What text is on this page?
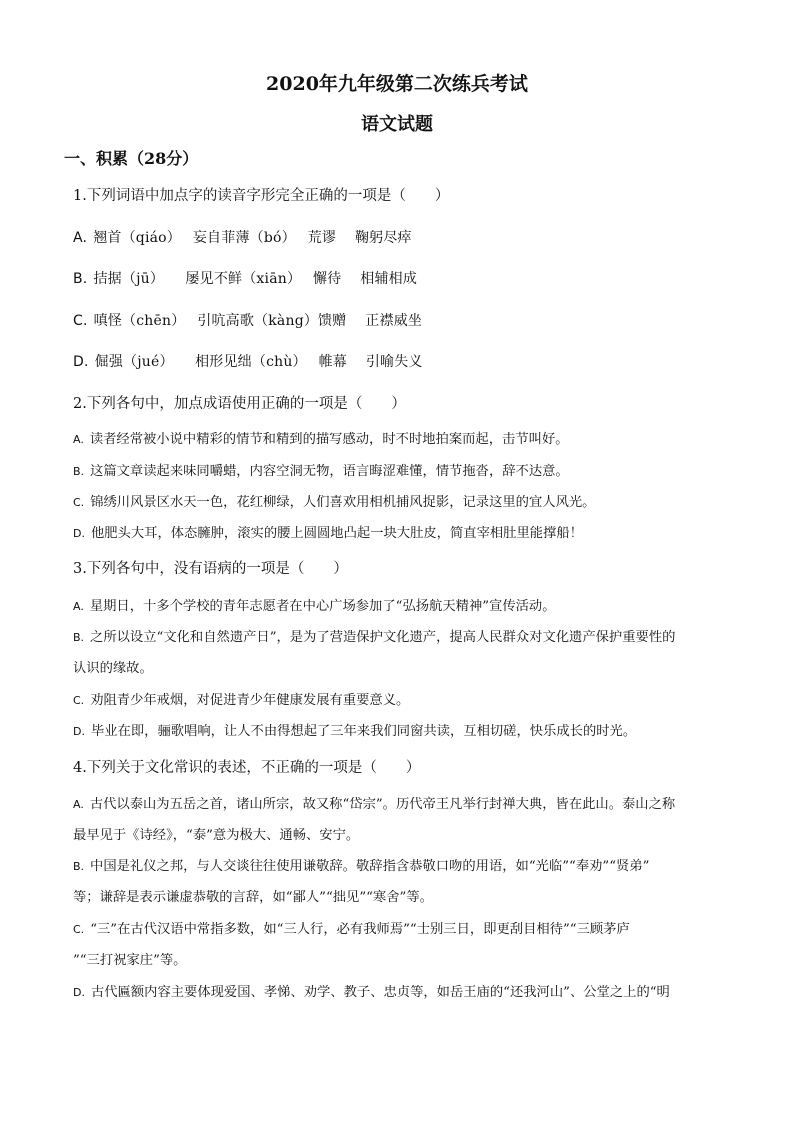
2020年九年级第二次练兵考试
语文试题
一、积累（28分）
1.下列词语中加点字的读音字形完全正确的一项是（　　）
A. 翘首（qiáo）　 妄自菲薄（bó）　 荒谬　 鞠躬尽瘁
B. 拮据（jū）　　屡见不鲜（xiān）　 懈待　 相辅相成
C. 嗔怪（chēn）　 引吭高歌（kàng）馈赠　 正襟威坐
D. 倔强（jué）　　相形见绌（chù）　 帷幕　 引喻失义
2.下列各句中，加点成语使用正确的一项是（　　）
A. 读者经常被小说中精彩的情节和精到的描写感动，时不时地拍案而起，击节叫好。
B. 这篇文章读起来味同嚼蜡，内容空洞无物，语言晦涩难懂，情节拖沓，辞不达意。
C. 锦绣川风景区水天一色，花红柳绿，人们喜欢用相机捕风捉影，记录这里的宜人风光。
D. 他肥头大耳，体态臃肿，滚实的腰上圆圆地凸起一块大肚皮，简直宰相肚里能撑船！
3.下列各句中，没有语病的一项是（　　）
A. 星期日，十多个学校的青年志愿者在中心广场参加了“弘扬航天精神”宣传活动。
B. 之所以设立“文化和自然遗产日”，是为了营造保护文化遗产，提高人民群众对文化遗产保护重要性的
认识的缘故。
C. 劝阻青少年戒烟，对促进青少年健康发展有重要意义。
D. 毕业在即，骊歌唱响，让人不由得想起了三年来我们同窗共读，互相切磋，快乐成长的时光。
4.下列关于文化常识的表述，不正确的一项是（　　）
A. 古代以泰山为五岳之首，诸山所宗，故又称“岱宗”。历代帝王凡举行封禅大典，皆在此山。泰山之称
最早见于《诗经》，“泰”意为极大、通畅、安宁。
B. 中国是礼仪之邦，与人交谈往往使用谦敬辞。敬辞指含恭敬口吻的用语，如“光临”“奉劝”“贤弟”
等；谦辞是表示谦虚恭敬的言辞，如“鄙人”“拙见”“寒舍”等。
C. “三”在古代汉语中常指多数，如“三人行，必有我师焉”“士别三日，即更刮目相待”“三顾茅庐
”“三打祝家庄”等。
D. 古代匾额内容主要体现爱国、孝悌、劝学、教子、忠贞等，如岳王庙的“还我河山”、公堂之上的“明
